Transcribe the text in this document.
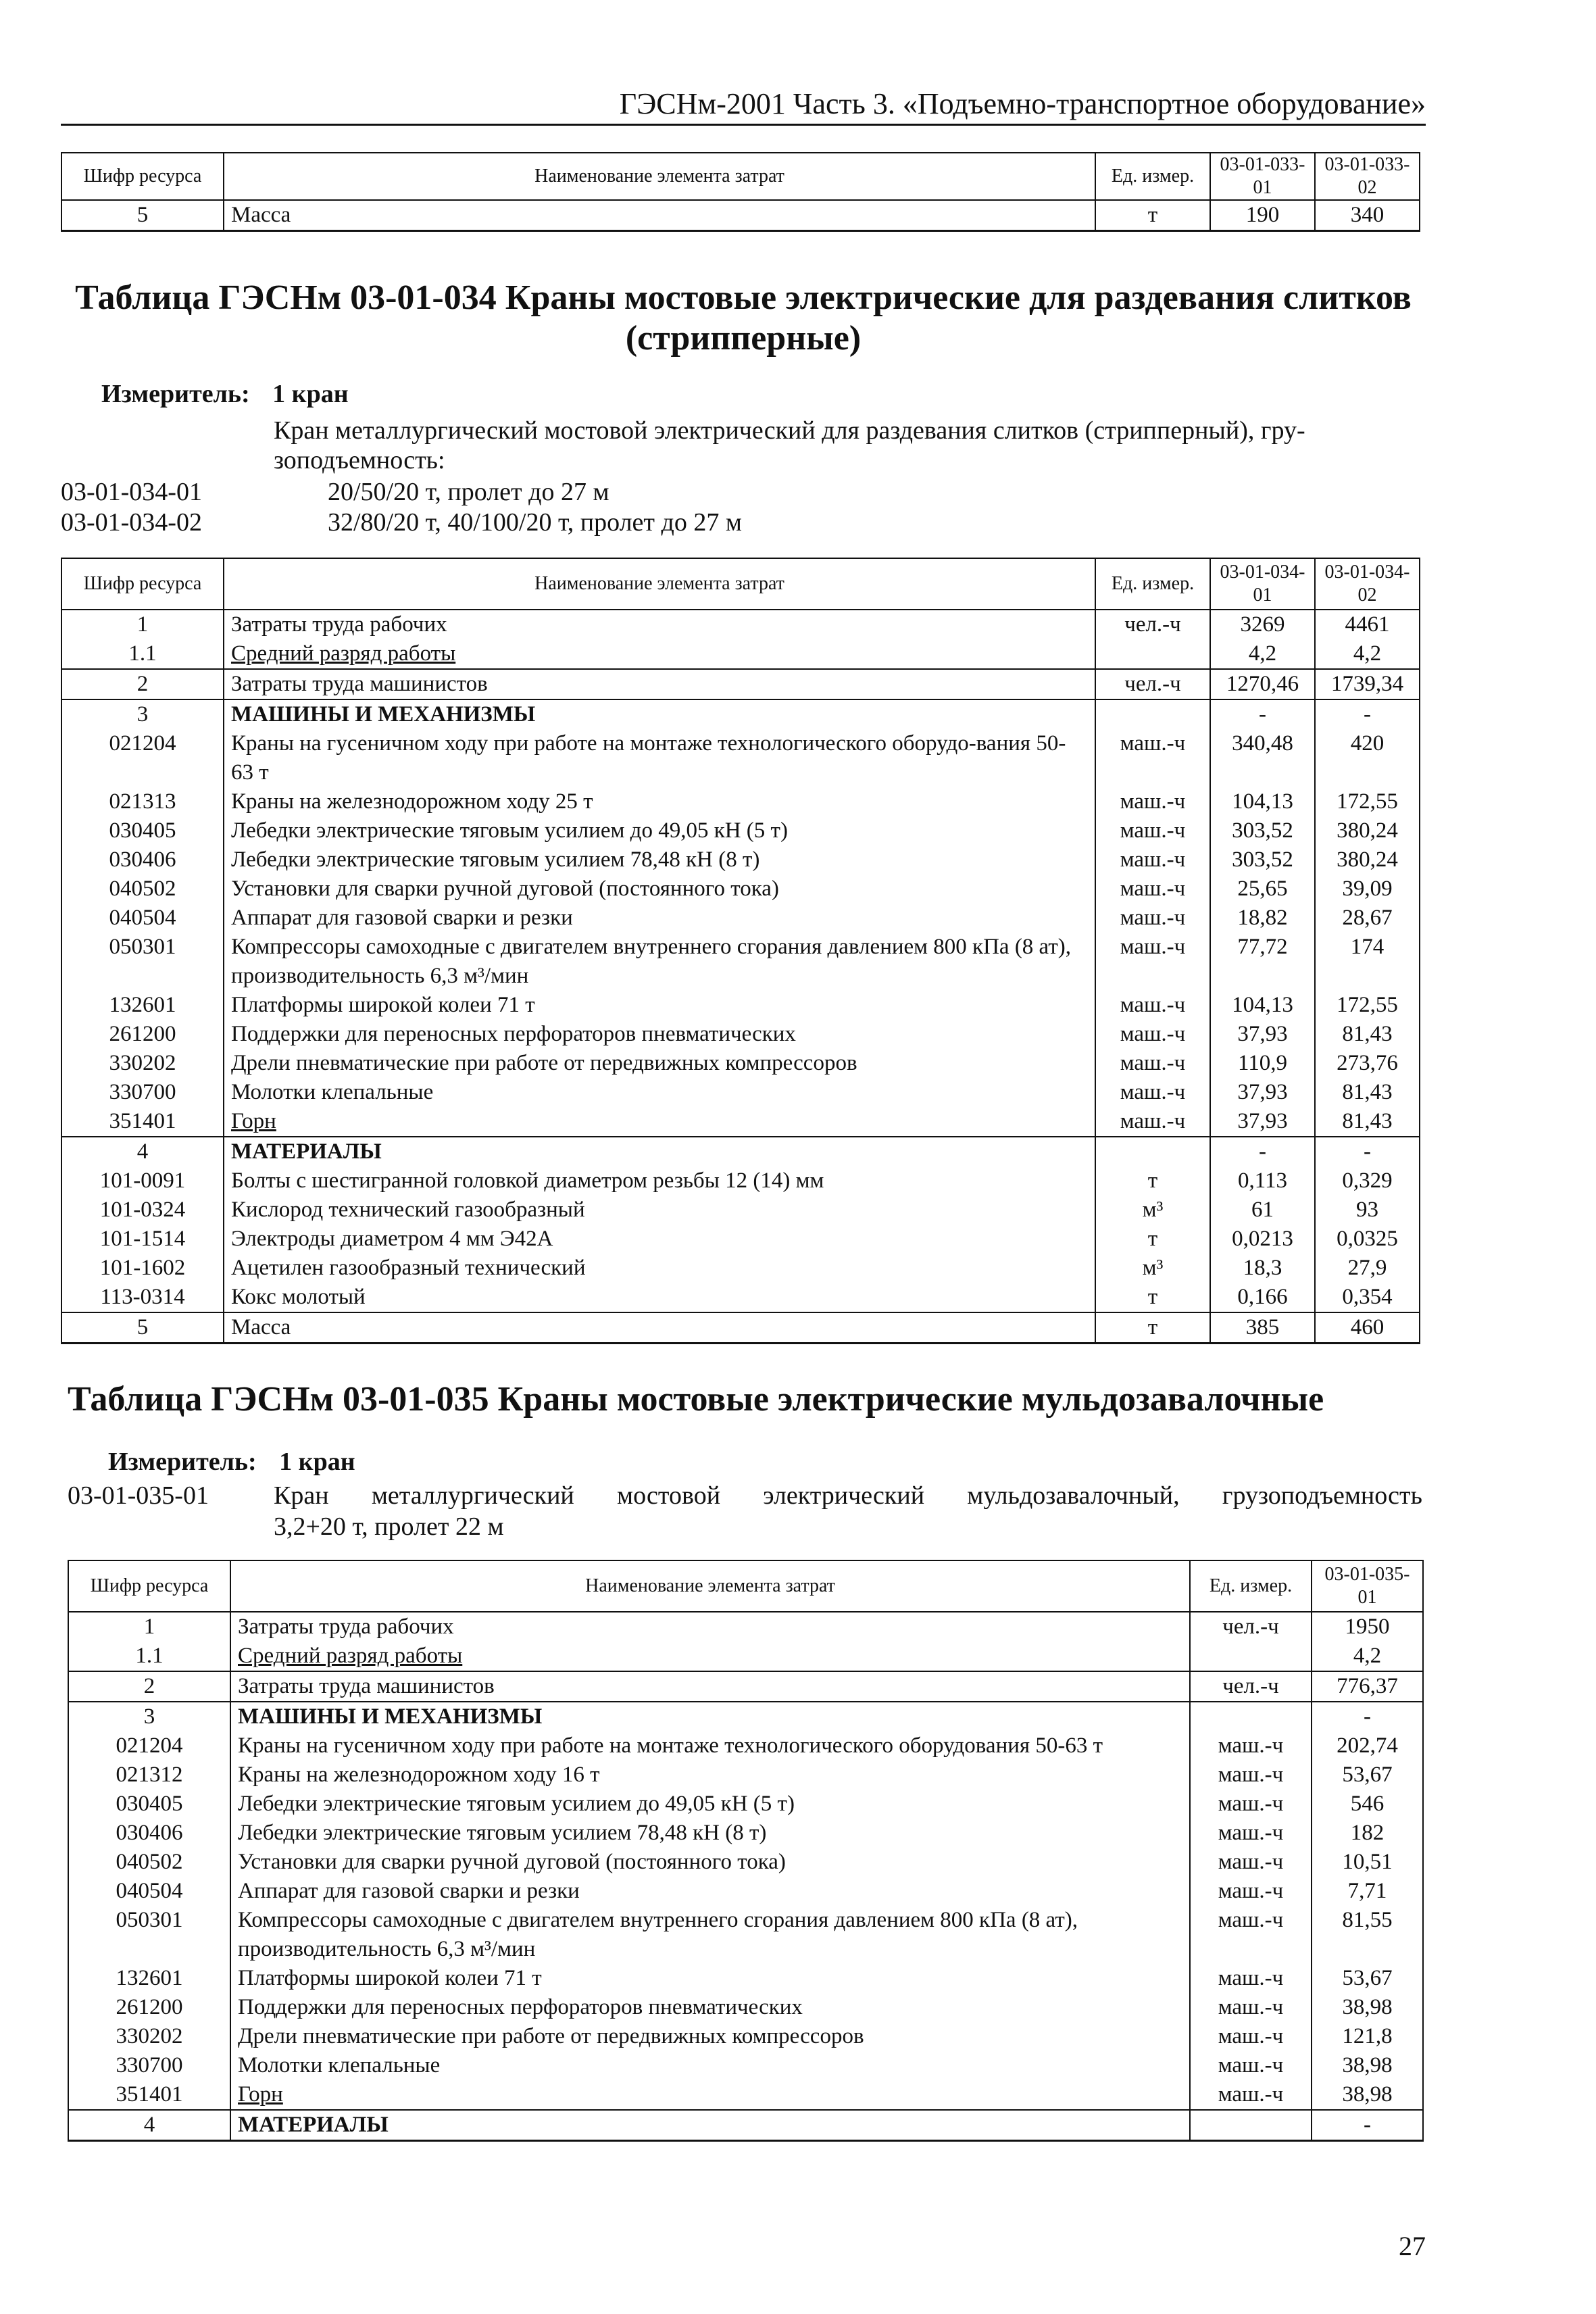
ГЭСНм-2001 Часть 3. «Подъемно-транспортное оборудование»
Шифр ресурса	Наименование элемента затрат	Ед. измер.	03-01-033-01	03-01-033-02
5	Масса	т	190	340
Таблица ГЭСНм 03-01-034 Краны мостовые электрические для раздевания слитков
(стрипперные)
Измеритель: 1 кран
Кран металлургический мостовой электрический для раздевания слитков (стрипперный), гру-
зоподъемность:
03-01-034-01	20/50/20 т, пролет до 27 м
03-01-034-02	32/80/20 т, 40/100/20 т, пролет до 27 м
Шифр ресурса	Наименование элемента затрат	Ед. измер.	03-01-034-01	03-01-034-02
1	Затраты труда рабочих	чел.-ч	3269	4461
1.1	Средний разряд работы		4,2	4,2
2	Затраты труда машинистов	чел.-ч	1270,46	1739,34
3	МАШИНЫ И МЕХАНИЗМЫ		-	-
021204	Краны на гусеничном ходу при работе на монтаже технологического оборудо-вания 50-63 т	маш.-ч	340,48	420
021313	Краны на железнодорожном ходу 25 т	маш.-ч	104,13	172,55
030405	Лебедки электрические тяговым усилием до 49,05 кН (5 т)	маш.-ч	303,52	380,24
030406	Лебедки электрические тяговым усилием 78,48 кН (8 т)	маш.-ч	303,52	380,24
040502	Установки для сварки ручной дуговой (постоянного тока)	маш.-ч	25,65	39,09
040504	Аппарат для газовой сварки и резки	маш.-ч	18,82	28,67
050301	Компрессоры самоходные с двигателем внутреннего сгорания давлением 800 кПа (8 ат), производительность 6,3 м³/мин	маш.-ч	77,72	174
132601	Платформы широкой колеи 71 т	маш.-ч	104,13	172,55
261200	Поддержки для переносных перфораторов пневматических	маш.-ч	37,93	81,43
330202	Дрели пневматические при работе от передвижных компрессоров	маш.-ч	110,9	273,76
330700	Молотки клепальные	маш.-ч	37,93	81,43
351401	Горн	маш.-ч	37,93	81,43
4	МАТЕРИАЛЫ		-	-
101-0091	Болты с шестигранной головкой диаметром резьбы 12 (14) мм	т	0,113	0,329
101-0324	Кислород технический газообразный	м³	61	93
101-1514	Электроды диаметром 4 мм Э42А	т	0,0213	0,0325
101-1602	Ацетилен газообразный технический	м³	18,3	27,9
113-0314	Кокс молотый	т	0,166	0,354
5	Масса	т	385	460
Таблица ГЭСНм 03-01-035 Краны мостовые электрические мульдозавалочные
Измеритель: 1 кран
03-01-035-01	Кран металлургический мостовой электрический мульдозавалочный, грузоподъемность
3,2+20 т, пролет 22 м
Шифр ресурса	Наименование элемента затрат	Ед. измер.	03-01-035-01
1	Затраты труда рабочих	чел.-ч	1950
1.1	Средний разряд работы		4,2
2	Затраты труда машинистов	чел.-ч	776,37
3	МАШИНЫ И МЕХАНИЗМЫ		-
021204	Краны на гусеничном ходу при работе на монтаже технологического оборудования 50-63 т	маш.-ч	202,74
021312	Краны на железнодорожном ходу 16 т	маш.-ч	53,67
030405	Лебедки электрические тяговым усилием до 49,05 кН (5 т)	маш.-ч	546
030406	Лебедки электрические тяговым усилием 78,48 кН (8 т)	маш.-ч	182
040502	Установки для сварки ручной дуговой (постоянного тока)	маш.-ч	10,51
040504	Аппарат для газовой сварки и резки	маш.-ч	7,71
050301	Компрессоры самоходные с двигателем внутреннего сгорания давлением 800 кПа (8 ат), производительность 6,3 м³/мин	маш.-ч	81,55
132601	Платформы широкой колеи 71 т	маш.-ч	53,67
261200	Поддержки для переносных перфораторов пневматических	маш.-ч	38,98
330202	Дрели пневматические при работе от передвижных компрессоров	маш.-ч	121,8
330700	Молотки клепальные	маш.-ч	38,98
351401	Горн	маш.-ч	38,98
4	МАТЕРИАЛЫ		-
27
